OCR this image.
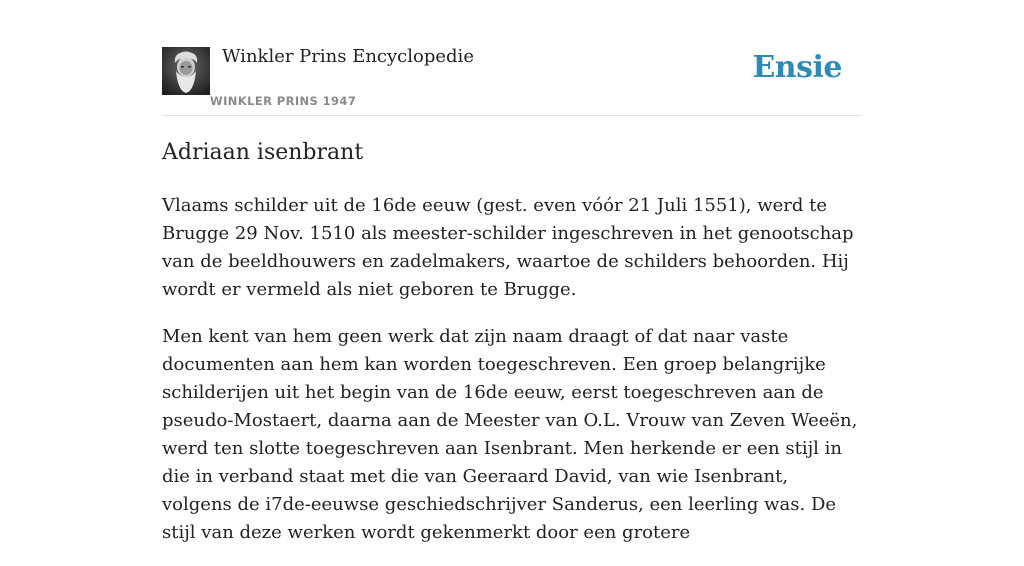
Winkler Prins Encyclopedie
WINKLER PRINS 1947
Ensie
Adriaan isenbrant

Vlaams schilder uit de 16de eeuw (gest. even vóór 21 Juli 1551), werd te Brugge 29 Nov. 1510 als meester-schilder ingeschreven in het genootschap van de beeldhouwers en zadelmakers, waartoe de schilders behoorden. Hij wordt er vermeld als niet geboren te Brugge.

Men kent van hem geen werk dat zijn naam draagt of dat naar vaste documenten aan hem kan worden toegeschreven. Een groep belangrijke schilderijen uit het begin van de 16de eeuw, eerst toegeschreven aan de pseudo-Mostaert, daarna aan de Meester van O.L. Vrouw van Zeven Weeën, werd ten slotte toegeschreven aan Isenbrant. Men herkende er een stijl in die in verband staat met die van Geeraard David, van wie Isenbrant, volgens de i7de-eeuwse geschiedschrijver Sanderus, een leerling was. De stijl van deze werken wordt gekenmerkt door een grotere
